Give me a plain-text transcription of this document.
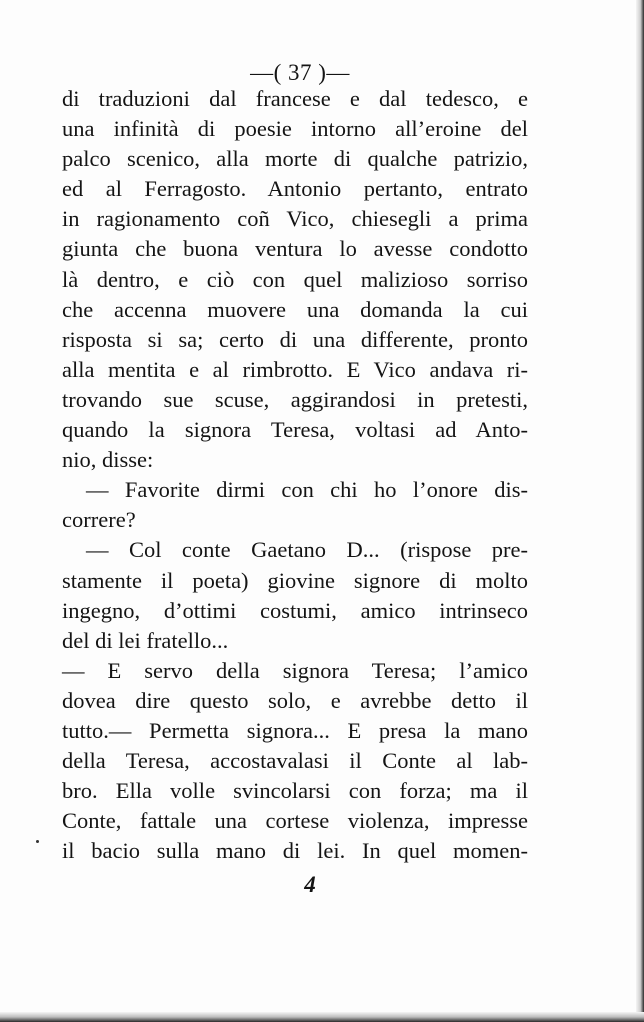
—( 37 )—
di traduzioni dal francese e dal tedesco, e
una infinità di poesie intorno all’eroine del
palco scenico, alla morte di qualche patrizio,
ed al Ferragosto. Antonio pertanto, entrato
in ragionamento coñ Vico, chiesegli a prima
giunta che buona ventura lo avesse condotto
là dentro, e ciò con quel malizioso sorriso
che accenna muovere una domanda la cui
risposta si sa; certo di una differente, pronto
alla mentita e al rimbrotto. E Vico andava ri-
trovando sue scuse, aggirandosi in pretesti,
quando la signora Teresa, voltasi ad Anto-
nio, disse:
— Favorite dirmi con chi ho l’onore dis-
correre?
— Col conte Gaetano D... (rispose pre-
stamente il poeta) giovine signore di molto
ingegno, d’ottimi costumi, amico intrinseco
del di lei fratello...
— E servo della signora Teresa; l’amico
dovea dire questo solo, e avrebbe detto il
tutto.— Permetta signora... E presa la mano
della Teresa, accostavalasi il Conte al lab-
bro. Ella volle svincolarsi con forza; ma il
Conte, fattale una cortese violenza, impresse
il bacio sulla mano di lei. In quel momen-
4
